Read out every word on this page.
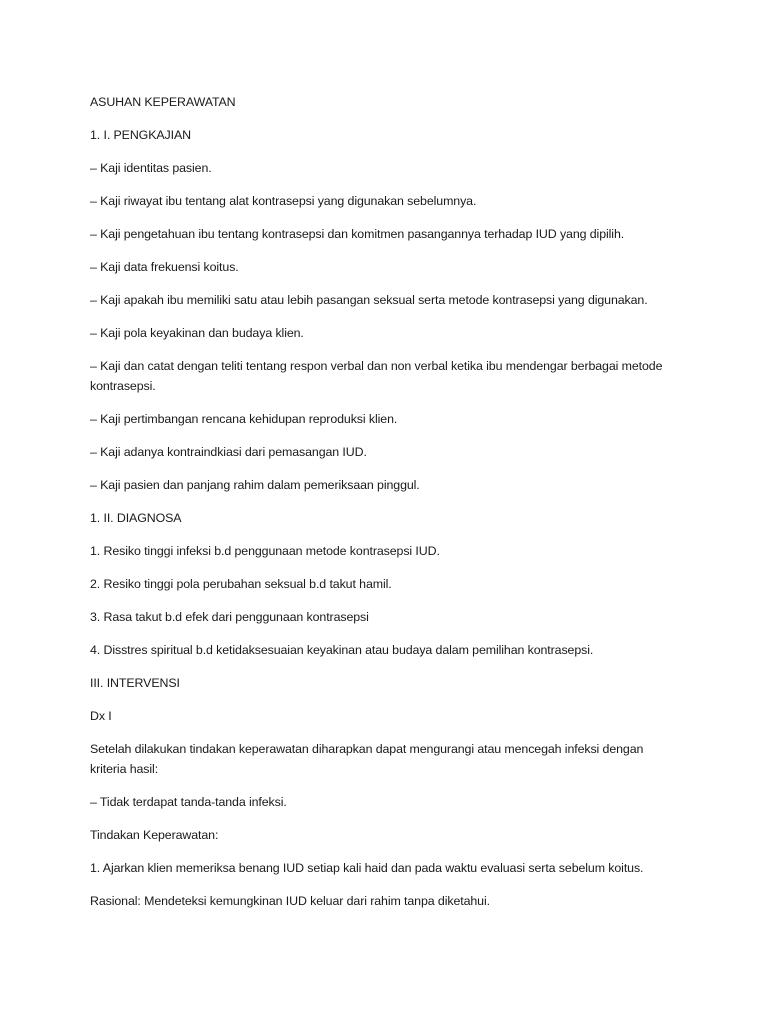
ASUHAN KEPERAWATAN

1. I. PENGKAJIAN

– Kaji identitas pasien.

– Kaji riwayat ibu tentang alat kontrasepsi yang digunakan sebelumnya.

– Kaji pengetahuan ibu tentang kontrasepsi dan komitmen pasangannya terhadap IUD yang dipilih.

– Kaji data frekuensi koitus.

– Kaji apakah ibu memiliki satu atau lebih pasangan seksual serta metode kontrasepsi yang digunakan.

– Kaji pola keyakinan dan budaya klien.

– Kaji dan catat dengan teliti tentang respon verbal dan non verbal ketika ibu mendengar berbagai metode kontrasepsi.

– Kaji pertimbangan rencana kehidupan reproduksi klien.

– Kaji adanya kontraindkiasi dari pemasangan IUD.

– Kaji pasien dan panjang rahim dalam pemeriksaan pinggul.

1. II. DIAGNOSA

1. Resiko tinggi infeksi b.d penggunaan metode kontrasepsi IUD.

2. Resiko tinggi pola perubahan seksual b.d takut hamil.

3. Rasa takut b.d efek dari penggunaan kontrasepsi

4. Disstres spiritual b.d ketidaksesuaian keyakinan atau budaya dalam pemilihan kontrasepsi.

III. INTERVENSI

Dx I

Setelah dilakukan tindakan keperawatan diharapkan dapat mengurangi atau mencegah infeksi dengan kriteria hasil:

– Tidak terdapat tanda-tanda infeksi.

Tindakan Keperawatan:

1. Ajarkan klien memeriksa benang IUD setiap kali haid dan pada waktu evaluasi serta sebelum koitus.

Rasional: Mendeteksi kemungkinan IUD keluar dari rahim tanpa diketahui.
